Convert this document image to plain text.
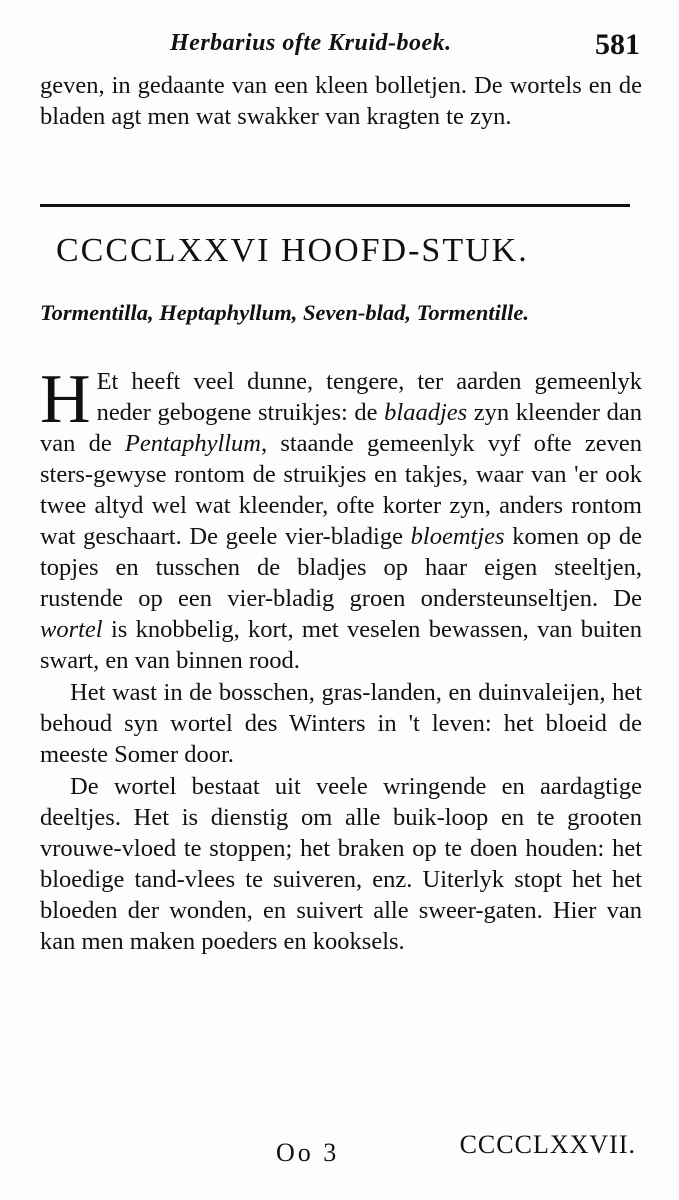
Herbarius ofte Kruid-boek.	581

geven, in gedaante van een kleen bolletjen. De wortels en de bladen agt men wat swakker van kragten te zyn.

CCCCLXXVI HOOFD-STUK.
Tormentilla, Heptaphyllum, Seven-blad, Tormentille.

H Et heeft veel dunne, tengere, ter aarden gemeenlyk neder gebogene struikjes: de blaadjes zyn kleender dan van de Pentaphyllum, staande gemeenlyk vyf ofte zeven sters-gewyse rontom de struikjes en takjes, waar van 'er ook twee altyd wel wat kleender, ofte korter zyn, anders rontom wat geschaart. De geele vier-bladige bloemtjes komen op de topjes en tusschen de bladjes op haar eigen steeltjen, rustende op een vier-bladig groen ondersteunseltjen. De wortel is knobbelig, kort, met veselen bewassen, van buiten swart, en van binnen rood.

Het wast in de bosschen, gras-landen, en duinvaleijen, het behoud syn wortel des Winters in 't leven: het bloeid de meeste Somer door.

De wortel bestaat uit veele wringende en aardagtige deeltjes. Het is dienstig om alle buik-loop en te grooten vrouwe-vloed te stoppen; het braken op te doen houden: het bloedige tand-vlees te suiveren, enz. Uiterlyk stopt het het bloeden der wonden, en suivert alle sweer-gaten. Hier van kan men maken poeders en kooksels.

Oo 3	CCCCLXXVII.
